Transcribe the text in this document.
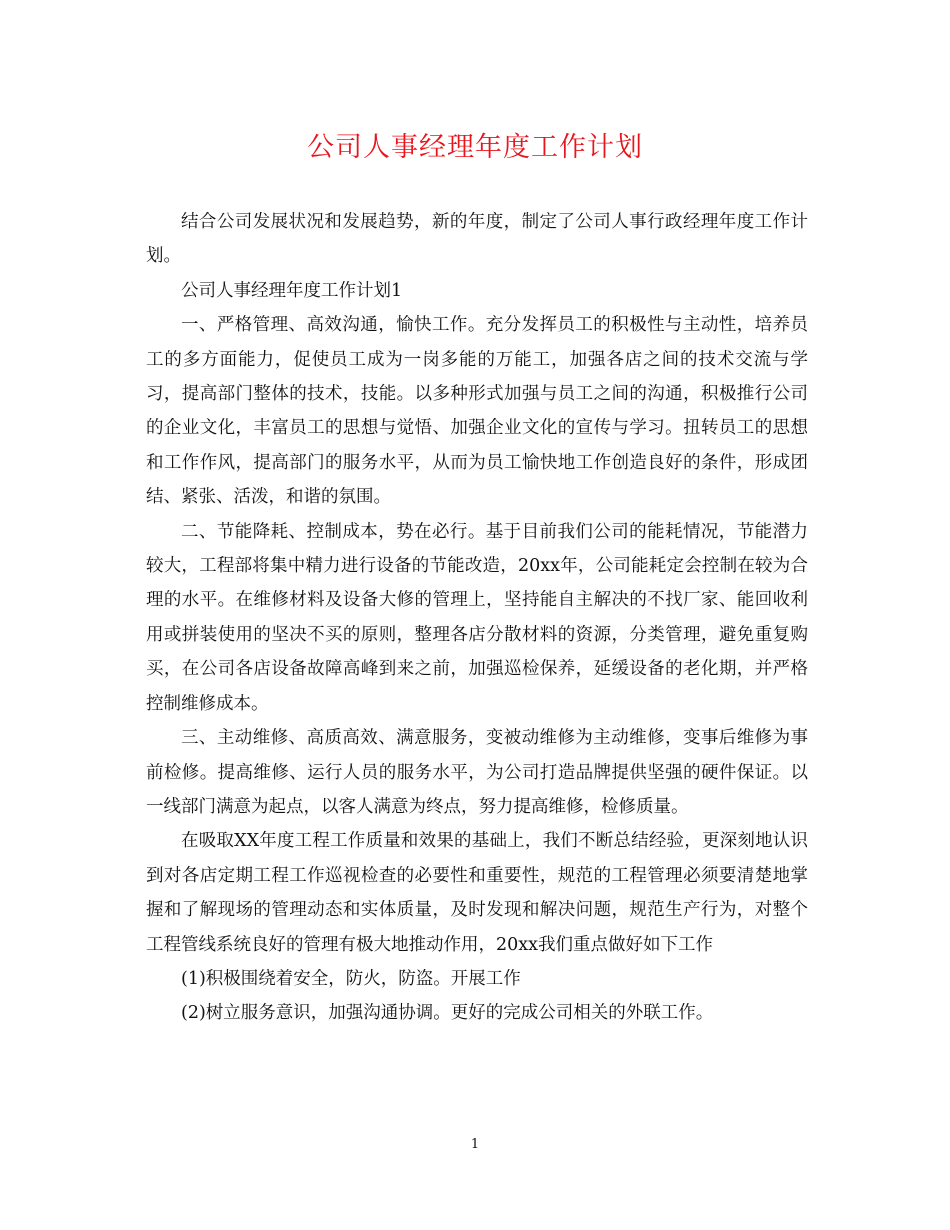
公司人事经理年度工作计划

结合公司发展状况和发展趋势，新的年度，制定了公司人事行政经理年度工作计划。

公司人事经理年度工作计划1

一、严格管理、高效沟通，愉快工作。充分发挥员工的积极性与主动性，培养员工的多方面能力，促使员工成为一岗多能的万能工，加强各店之间的技术交流与学习，提高部门整体的技术，技能。以多种形式加强与员工之间的沟通，积极推行公司的企业文化，丰富员工的思想与觉悟、加强企业文化的宣传与学习。扭转员工的思想和工作作风，提高部门的服务水平，从而为员工愉快地工作创造良好的条件，形成团结、紧张、活泼，和谐的氛围。

二、节能降耗、控制成本，势在必行。基于目前我们公司的能耗情况，节能潜力较大，工程部将集中精力进行设备的节能改造，20xx年，公司能耗定会控制在较为合理的水平。在维修材料及设备大修的管理上，坚持能自主解决的不找厂家、能回收利用或拼装使用的坚决不买的原则，整理各店分散材料的资源，分类管理，避免重复购买，在公司各店设备故障高峰到来之前，加强巡检保养，延缓设备的老化期，并严格控制维修成本。

三、主动维修、高质高效、满意服务，变被动维修为主动维修，变事后维修为事前检修。提高维修、运行人员的服务水平，为公司打造品牌提供坚强的硬件保证。以一线部门满意为起点，以客人满意为终点，努力提高维修，检修质量。

在吸取XX年度工程工作质量和效果的基础上，我们不断总结经验，更深刻地认识到对各店定期工程工作巡视检查的必要性和重要性，规范的工程管理必须要清楚地掌握和了解现场的管理动态和实体质量，及时发现和解决问题，规范生产行为，对整个工程管线系统良好的管理有极大地推动作用，20xx我们重点做好如下工作

(1)积极围绕着安全，防火，防盗。开展工作

(2)树立服务意识，加强沟通协调。更好的完成公司相关的外联工作。

1
